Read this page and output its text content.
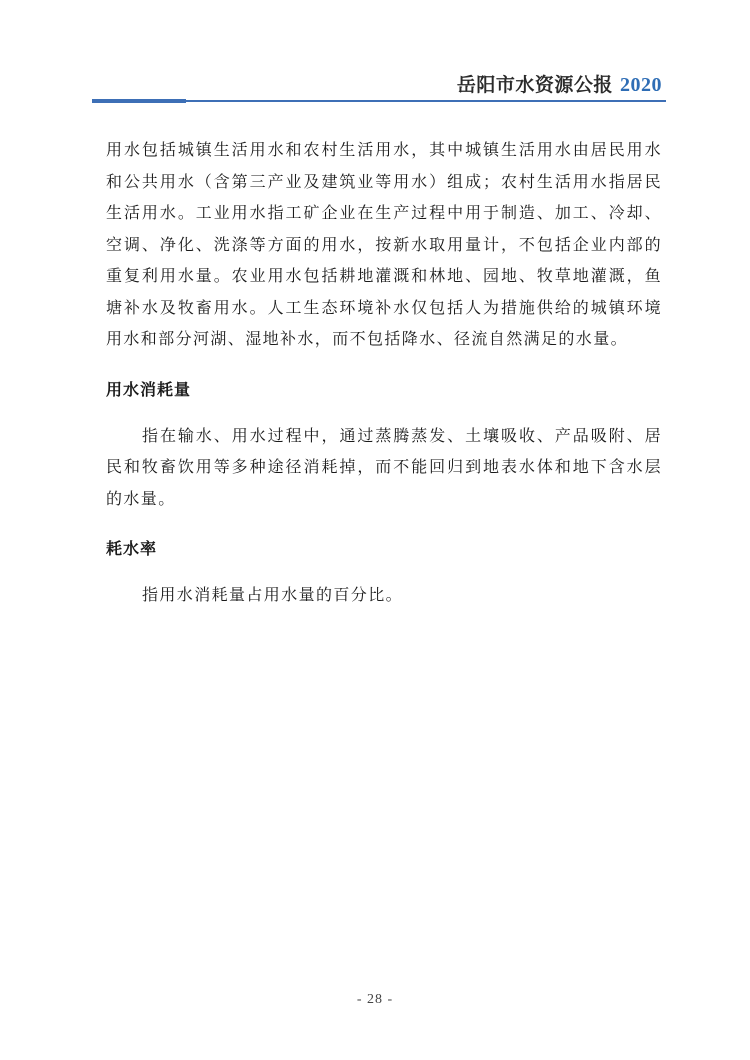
岳阳市水资源公报 2020

用水包括城镇生活用水和农村生活用水，其中城镇生活用水由居民用水和公共用水（含第三产业及建筑业等用水）组成；农村生活用水指居民生活用水。工业用水指工矿企业在生产过程中用于制造、加工、冷却、空调、净化、洗涤等方面的用水，按新水取用量计，不包括企业内部的重复利用水量。农业用水包括耕地灌溉和林地、园地、牧草地灌溉，鱼塘补水及牧畜用水。人工生态环境补水仅包括人为措施供给的城镇环境用水和部分河湖、湿地补水，而不包括降水、径流自然满足的水量。

用水消耗量

指在输水、用水过程中，通过蒸腾蒸发、土壤吸收、产品吸附、居民和牧畜饮用等多种途径消耗掉，而不能回归到地表水体和地下含水层的水量。

耗水率

指用水消耗量占用水量的百分比。

- 28 -
